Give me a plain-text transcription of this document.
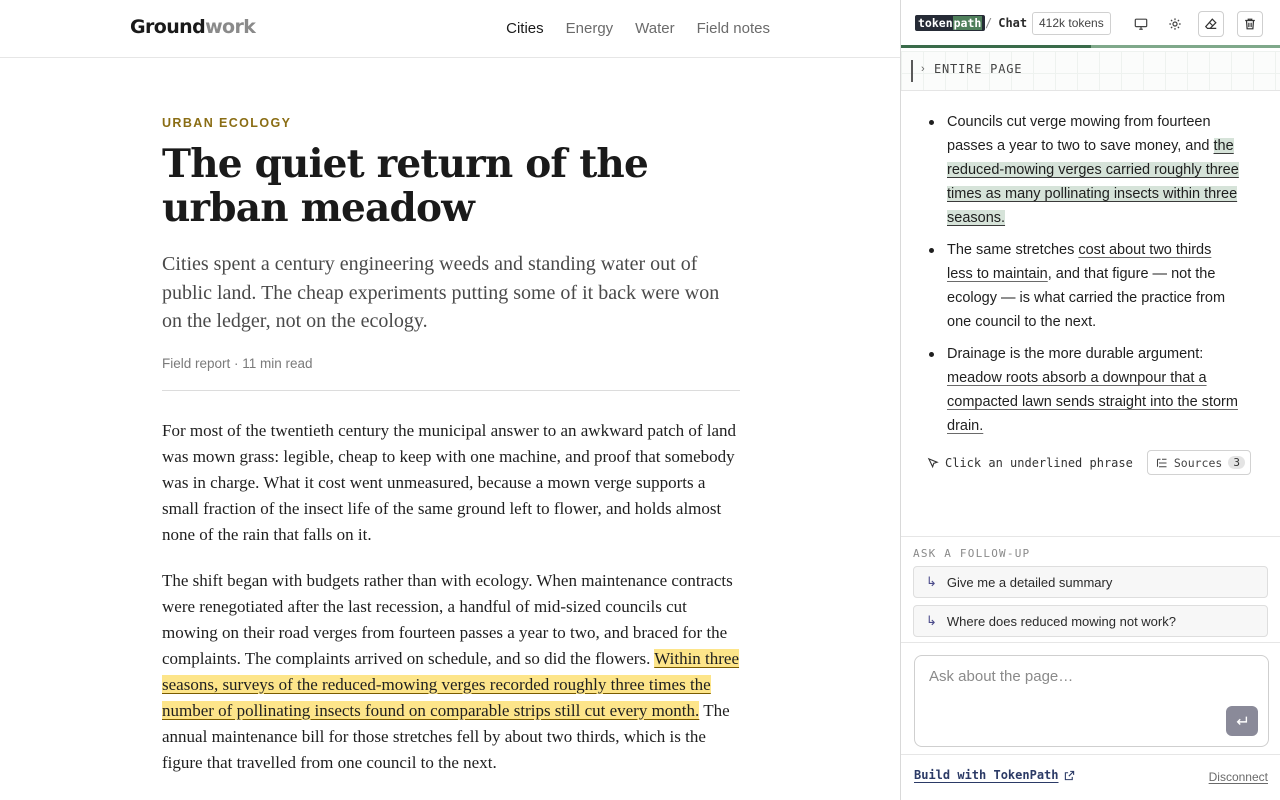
Groundwork	Cities Energy Water Field notes
URBAN ECOLOGY
The quiet return of the urban meadow

Cities spent a century engineering weeds and standing water out of public land. The cheap experiments putting some of it back were won on the ledger, not on the ecology.

Field report · 11 min read

For most of the twentieth century the municipal answer to an awkward patch of land was mown grass: legible, cheap to keep with one machine, and proof that somebody was in charge. What it cost went unmeasured, because a mown verge supports a small fraction of the insect life of the same ground left to flower, and holds almost none of the rain that falls on it.

The shift began with budgets rather than with ecology. When maintenance contracts were renegotiated after the last recession, a handful of mid-sized councils cut mowing on their road verges from fourteen passes a year to two, and braced for the complaints. The complaints arrived on schedule, and so did the flowers. Within three seasons, surveys of the reduced-mowing verges recorded roughly three times the number of pollinating insects found on comparable strips still cut every month. The annual maintenance bill for those stretches fell by about two thirds, which is the figure that travelled from one council to the next.

tokenpath / Chat 412k tokens
› ENTIRE PAGE
Councils cut verge mowing from fourteen passes a year to two to save money, and the reduced-mowing verges carried roughly three times as many pollinating insects within three seasons.
The same stretches cost about two thirds less to maintain, and that figure — not the ecology — is what carried the practice from one council to the next.
Drainage is the more durable argument: meadow roots absorb a downpour that a compacted lawn sends straight into the storm drain.
Click an underlined phrase	Sources	3
ASK A FOLLOW-UP
↳ Give me a detailed summary
↳ Where does reduced mowing not work?
Ask about the page…
Build with TokenPath	Disconnect
